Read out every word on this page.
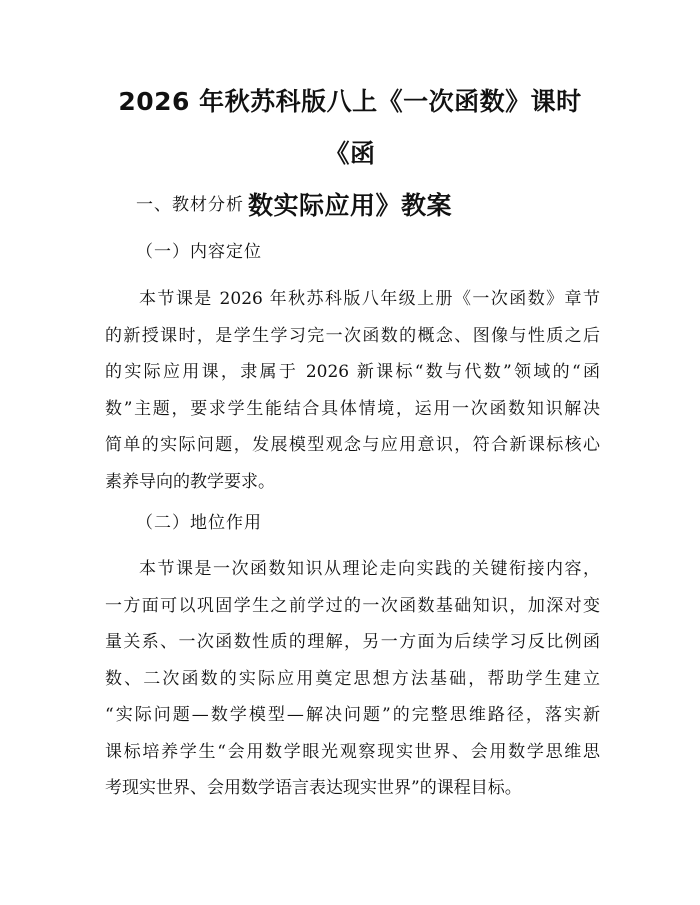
2026 年秋苏科版八上《一次函数》课时《函
数实际应用》教案

一、教材分析

（一）内容定位

本节课是 2026 年秋苏科版八年级上册《一次函数》章节
的新授课时，是学生学习完一次函数的概念、图像与性质之后
的实际应用课，隶属于 2026 新课标“数与代数”领域的“函
数”主题，要求学生能结合具体情境，运用一次函数知识解决
简单的实际问题，发展模型观念与应用意识，符合新课标核心
素养导向的教学要求。

（二）地位作用

本节课是一次函数知识从理论走向实践的关键衔接内容，
一方面可以巩固学生之前学过的一次函数基础知识，加深对变
量关系、一次函数性质的理解，另一方面为后续学习反比例函
数、二次函数的实际应用奠定思想方法基础，帮助学生建立
“实际问题—数学模型—解决问题”的完整思维路径，落实新
课标培养学生“会用数学眼光观察现实世界、会用数学思维思
考现实世界、会用数学语言表达现实世界”的课程目标。
